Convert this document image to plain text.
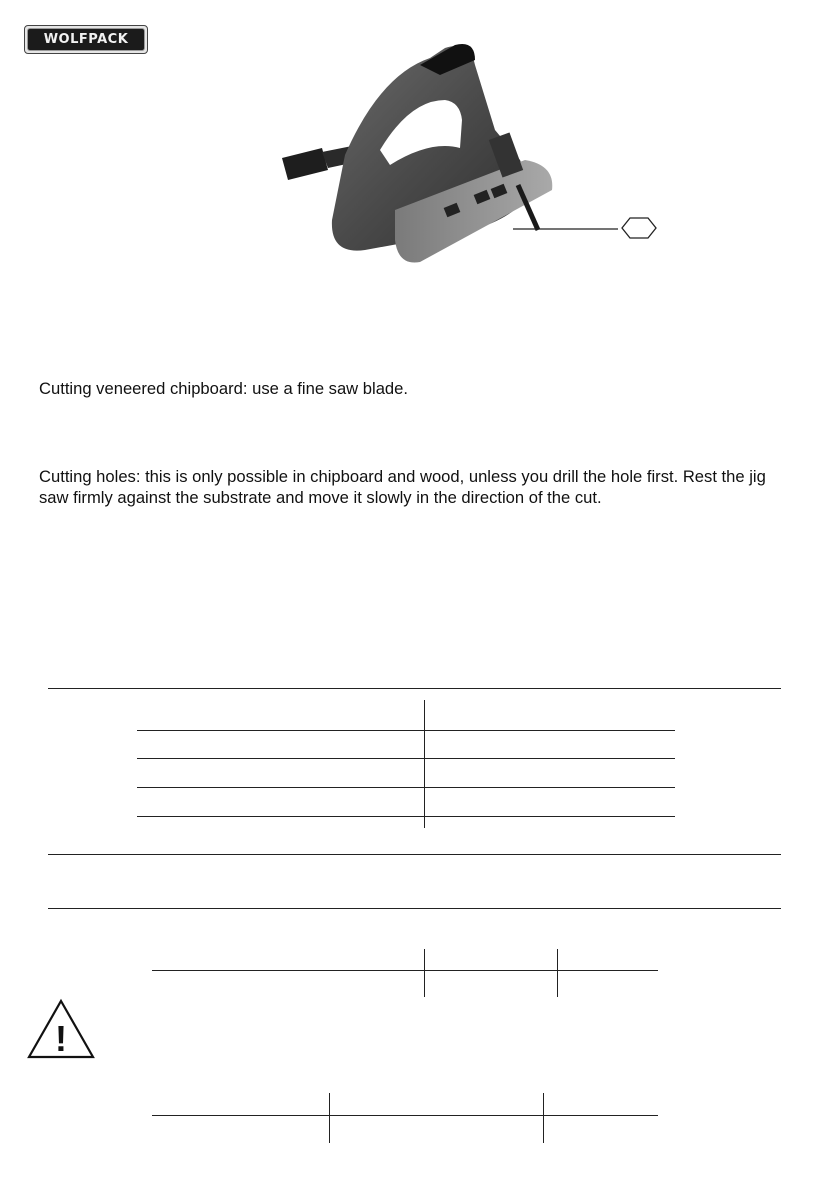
WOLFPACK
Cutting veneered chipboard: use a fine saw blade.
Cutting holes: this is only possible in chipboard and wood, unless you drill the hole first. Rest the jig saw firmly against the substrate and move it slowly in the direction of the cut.
!
